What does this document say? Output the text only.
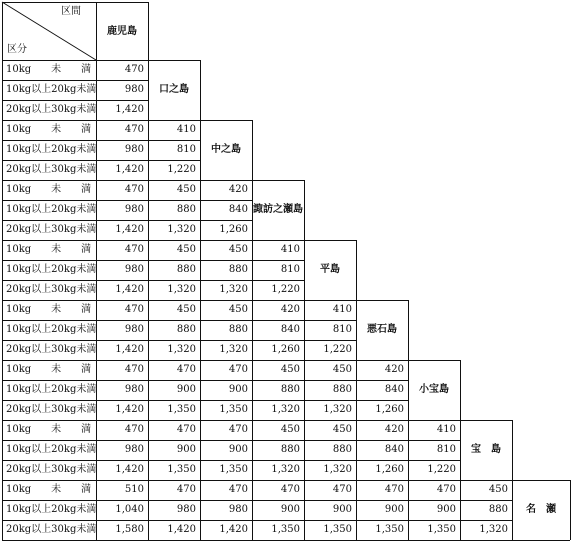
区間
区分
鹿児島
口之島
10kg　　未　　満	470
10kg以上20kg未満	980
20kg以上30kg未満	1,420
中之島
10kg　　未　　満	470	410
10kg以上20kg未満	980	810
20kg以上30kg未満	1,420	1,220
諏訪之瀬島
10kg　　未　　満	470	450	420
10kg以上20kg未満	980	880	840
20kg以上30kg未満	1,420	1,320	1,260
平島
10kg　　未　　満	470	450	450	410
10kg以上20kg未満	980	880	880	810
20kg以上30kg未満	1,420	1,320	1,320	1,220
悪石島
10kg　　未　　満	470	450	450	420	410
10kg以上20kg未満	980	880	880	840	810
20kg以上30kg未満	1,420	1,320	1,320	1,260	1,220
小宝島
10kg　　未　　満	470	470	470	450	450	420
10kg以上20kg未満	980	900	900	880	880	840
20kg以上30kg未満	1,420	1,350	1,350	1,320	1,320	1,260
宝　島
10kg　　未　　満	470	470	470	450	450	420	410
10kg以上20kg未満	980	900	900	880	880	840	810
20kg以上30kg未満	1,420	1,350	1,350	1,320	1,320	1,260	1,220
名　瀬
10kg　　未　　満	510	470	470	470	470	470	470	450
10kg以上20kg未満	1,040	980	980	900	900	900	900	880
20kg以上30kg未満	1,580	1,420	1,420	1,350	1,350	1,350	1,350	1,320
